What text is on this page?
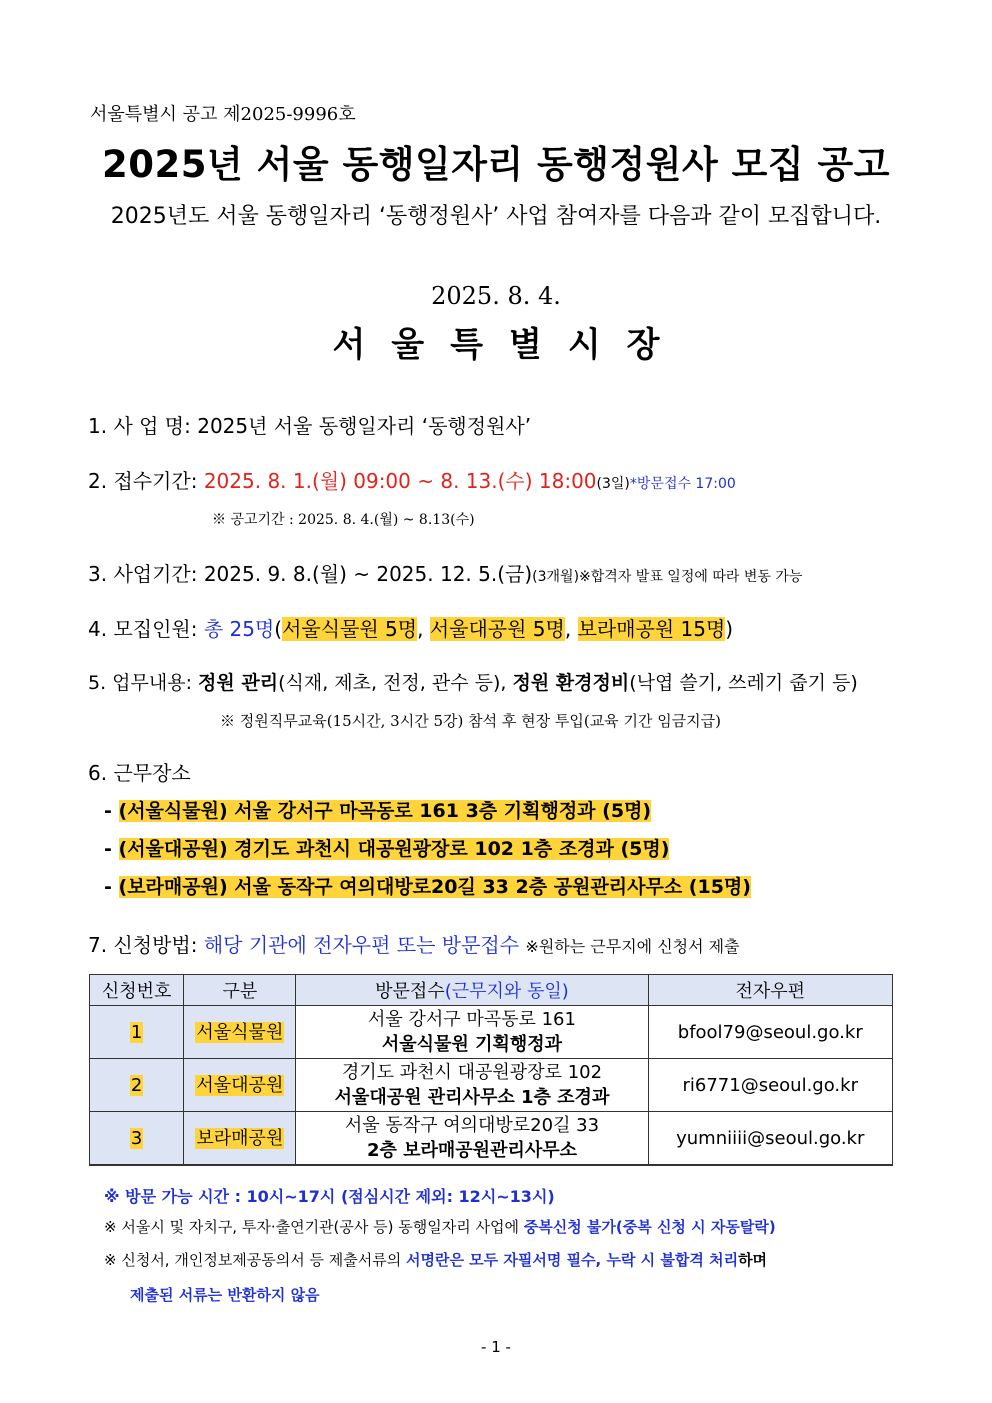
서울특별시 공고 제2025-9996호
2025년 서울 동행일자리 동행정원사 모집 공고
2025년도 서울 동행일자리 ‘동행정원사’ 사업 참여자를 다음과 같이 모집합니다.
2025. 8. 4.
서울특별시장
1. 사 업 명: 2025년 서울 동행일자리 ‘동행정원사’
2. 접수기간: 2025. 8. 1.(월) 09:00 ~ 8. 13.(수) 18:00(3일)*방문접수 17:00
※ 공고기간 : 2025. 8. 4.(월) ~ 8.13(수)
3. 사업기간: 2025. 9. 8.(월) ~ 2025. 12. 5.(금)(3개월)※합격자 발표 일정에 따라 변동 가능
4. 모집인원: 총 25명(서울식물원 5명, 서울대공원 5명, 보라매공원 15명)
5. 업무내용: 정원 관리(식재, 제초, 전정, 관수 등), 정원 환경정비(낙엽 쓸기, 쓰레기 줍기 등)
※ 정원직무교육(15시간, 3시간 5강) 참석 후 현장 투입(교육 기간 임금지급)
6. 근무장소
- (서울식물원) 서울 강서구 마곡동로 161 3층 기획행정과 (5명)
- (서울대공원) 경기도 과천시 대공원광장로 102 1층 조경과 (5명)
- (보라매공원) 서울 동작구 여의대방로20길 33 2층 공원관리사무소 (15명)
7. 신청방법: 해당 기관에 전자우편 또는 방문접수 ※원하는 근무지에 신청서 제출
신청번호	구분	방문접수(근무지와 동일)	전자우편
1	서울식물원	서울 강서구 마곡동로 161
서울식물원 기획행정과	bfool79@seoul.go.kr
2	서울대공원	경기도 과천시 대공원광장로 102
서울대공원 관리사무소 1층 조경과	ri6771@seoul.go.kr
3	보라매공원	서울 동작구 여의대방로20길 33
2층 보라매공원관리사무소	yumniiii@seoul.go.kr
※ 방문 가능 시간 : 10시~17시 (점심시간 제외: 12시~13시)
※ 서울시 및 자치구, 투자·출연기관(공사 등) 동행일자리 사업에 중복신청 불가(중복 신청 시 자동탈락)
※ 신청서, 개인정보제공동의서 등 제출서류의 서명란은 모두 자필서명 필수, 누락 시 불합격 처리하며
제출된 서류는 반환하지 않음
- 1 -
